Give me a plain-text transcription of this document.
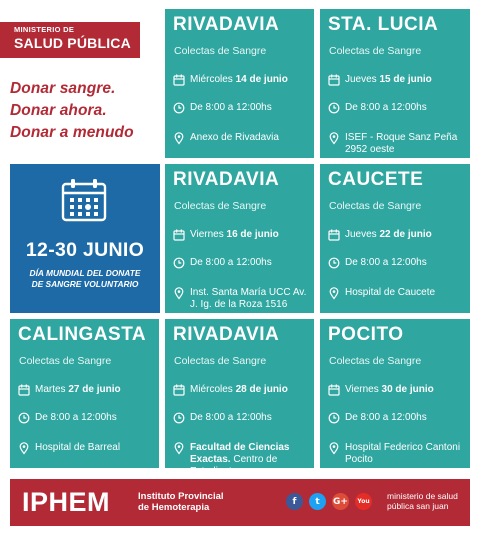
MINISTERIO DE
SALUD PÚBLICA
Donar sangre.
Donar ahora.
Donar a menudo
12-30 JUNIO
DÍA MUNDIAL DEL DONATE
DE SANGRE VOLUNTARIO
RIVADAVIA
Colectas de Sangre
Miércoles 14 de junio
De 8:00 a 12:00hs
Anexo de Rivadavia
STA. LUCIA
Colectas de Sangre
Jueves 15 de junio
De 8:00 a 12:00hs
ISEF - Roque Sanz Peña 2952 oeste
RIVADAVIA
Colectas de Sangre
Viernes 16 de junio
De 8:00 a 12:00hs
Inst. Santa María UCC Av. J. Ig. de la Roza 1516
CAUCETE
Colectas de Sangre
Jueves 22 de junio
De 8:00 a 12:00hs
Hospital de Caucete
CALINGASTA
Colectas de Sangre
Martes 27 de junio
De 8:00 a 12:00hs
Hospital de Barreal
RIVADAVIA
Colectas de Sangre
Miércoles 28 de junio
De 8:00 a 12:00hs
Facultad de Ciencias Exactas. Centro de Estudiantes
POCITO
Colectas de Sangre
Viernes 30 de junio
De 8:00 a 12:00hs
Hospital Federico Cantoni Pocito
IPHEM	Instituto Provincial
de Hemoterapia
f	t	G+	You
ministerio de salud
pública san juan
